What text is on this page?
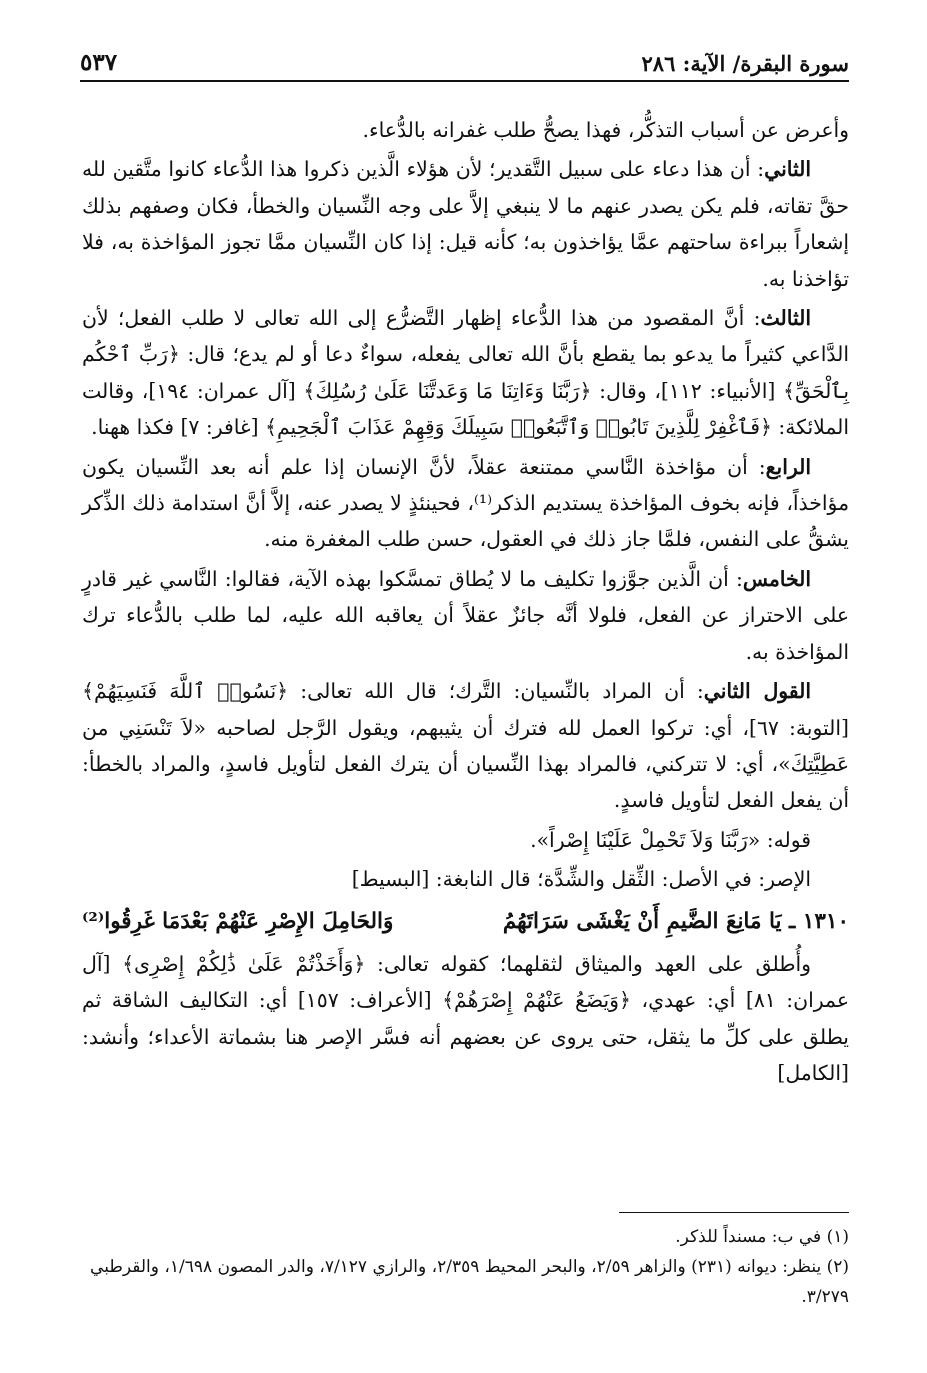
سورة البقرة/ الآية: ٢٨٦
٥٣٧

وأعرض عن أسباب التذكُّر، فهذا يصحُّ طلب غفرانه بالدُّعاء.

الثاني: أن هذا دعاء على سبيل التَّقدير؛ لأن هؤلاء الَّذين ذكروا هذا الدُّعاء كانوا متَّقين لله حقَّ تقاته، فلم يكن يصدر عنهم ما لا ينبغي إلاَّ على وجه النِّسيان والخطأ، فكان وصفهم بذلك إشعاراً ببراءة ساحتهم عمَّا يؤاخذون به؛ كأنه قيل: إذا كان النِّسيان ممَّا تجوز المؤاخذة به، فلا تؤاخذنا به.

الثالث: أنَّ المقصود من هذا الدُّعاء إظهار التَّضرُّع إلى الله تعالى لا طلب الفعل؛ لأن الدَّاعي كثيراً ما يدعو بما يقطع بأنَّ الله تعالى يفعله، سواءٌ دعا أو لم يدع؛ قال: ﴿رَبِّ ٱحْكُم بِٱلْحَقِّ﴾ [الأنبياء: ١١٢]، وقال: ﴿رَبَّنَا وَءَاتِنَا مَا وَعَدتَّنَا عَلَىٰ رُسُلِكَ﴾ [آل عمران: ١٩٤]، وقالت الملائكة: ﴿فَٱغْفِرْ لِلَّذِينَ تَابُوا۟ وَٱتَّبَعُوا۟ سَبِيلَكَ وَقِهِمْ عَذَابَ ٱلْجَحِيمِ﴾ [غافر: ٧] فكذا ههنا.

الرابع: أن مؤاخذة النَّاسي ممتنعة عقلاً، لأنَّ الإنسان إذا علم أنه بعد النِّسيان يكون مؤاخذاً، فإنه بخوف المؤاخذة يستديم الذكر⁽¹⁾، فحينئذٍ لا يصدر عنه، إلاَّ أنَّ استدامة ذلك الذِّكر يشقُّ على النفس، فلمَّا جاز ذلك في العقول، حسن طلب المغفرة منه.

الخامس: أن الَّذين جوَّزوا تكليف ما لا يُطاق تمسَّكوا بهذه الآية، فقالوا: النَّاسي غير قادرٍ على الاحتراز عن الفعل، فلولا أنَّه جائزٌ عقلاً أن يعاقبه الله عليه، لما طلب بالدُّعاء ترك المؤاخذة به.

القول الثاني: أن المراد بالنِّسيان: التَّرك؛ قال الله تعالى: ﴿نَسُوا۟ ٱللَّهَ فَنَسِيَهُمْ﴾ [التوبة: ٦٧]، أي: تركوا العمل لله فترك أن يثيبهم، ويقول الرَّجل لصاحبه «لاَ تَنْسَنِي من عَطِيَّتِكَ»، أي: لا تتركني، فالمراد بهذا النِّسيان أن يترك الفعل لتأويل فاسدٍ، والمراد بالخطأ: أن يفعل الفعل لتأويل فاسدٍ.

قوله: «رَبَّنَا وَلاَ تَحْمِلْ عَلَيْنَا إِصْراً».

الإصر: في الأصل: الثِّقل والشِّدَّة؛ قال النابغة: [البسيط]

١٣١٠ ـ يَا مَانِعَ الضَّيمِ أَنْ يَغْشَى سَرَاتَهُمُ
وَالحَامِلَ الإِصْرِ عَنْهُمْ بَعْدَمَا غَرِقُوا⁽²⁾

وأُطلق على العهد والميثاق لثقلهما؛ كقوله تعالى: ﴿وَأَخَذْتُمْ عَلَىٰ ذَٰلِكُمْ إِصْرِى﴾ [آل عمران: ٨١] أي: عهدي، ﴿وَيَضَعُ عَنْهُمْ إِصْرَهُمْ﴾ [الأعراف: ١٥٧] أي: التكاليف الشاقة ثم يطلق على كلِّ ما يثقل، حتى يروى عن بعضهم أنه فسَّر الإصر هنا بشماتة الأعداء؛ وأنشد: [الكامل]

(١) في ب: مسنداً للذكر.

(٢) ينظر: ديوانه (٢٣١) والزاهر ٢/٥٩، والبحر المحيط ٢/٣٥٩، والرازي ٧/١٢٧، والدر المصون ١/٦٩٨، والقرطبي ٣/٢٧٩.
